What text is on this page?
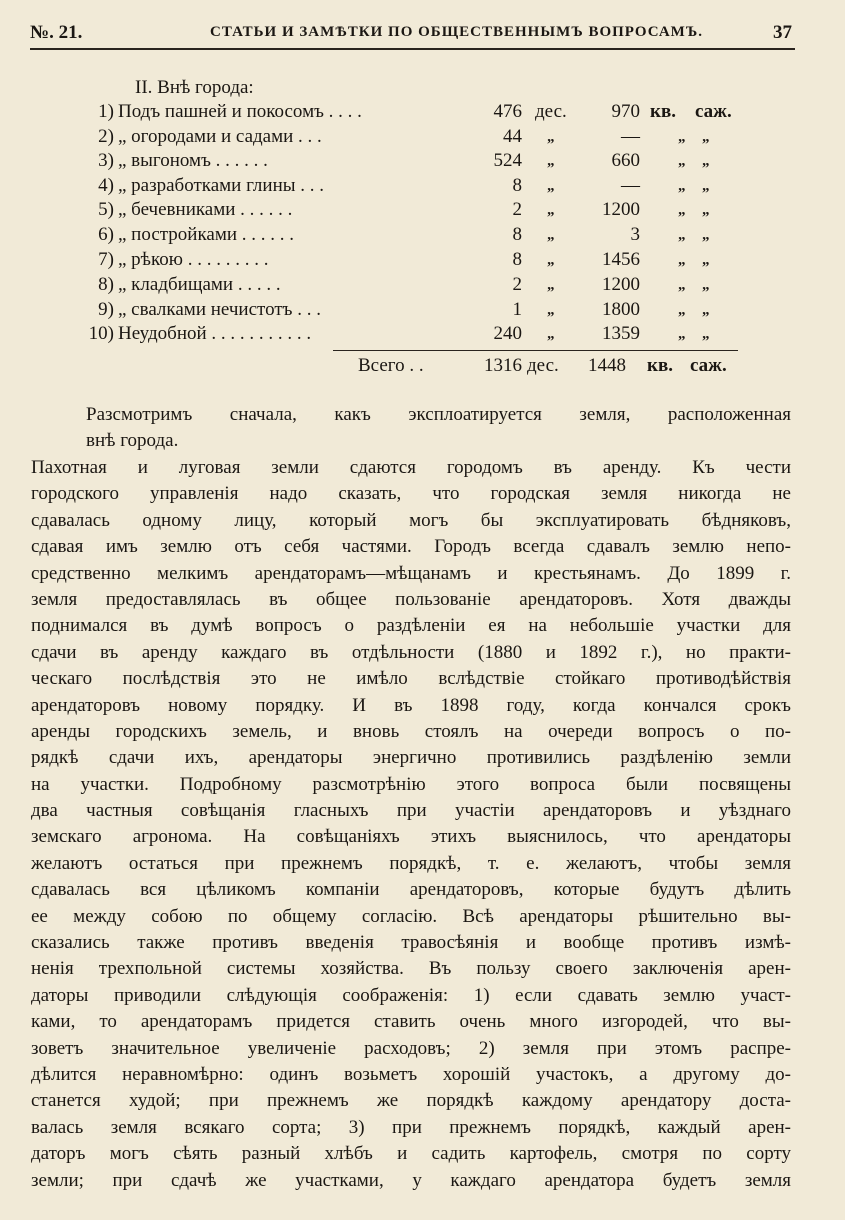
№. 21.	СТАТЬИ И ЗАМѢТКИ ПО ОБЩЕСТВЕННЫМЪ ВОПРОСАМЪ.	37
II. Внѣ города:
1) Подъ пашней и покосомъ . . . .	476 дес.	970 кв. саж.
2) „ огородами и садами . . .	44 „	—	„ „
3) „ выгономъ . . . . . .	524 „	660	„ „
4) „ разработками глины . . .	8 „	—	„ „
5) „ бечевниками . . . . . .	2 „	1200	„ „
6) „ постройками . . . . . .	8 „	3	„ „
7) „ рѣкою . . . . . . . . .	8 „	1456	„ „
8) „ кладбищами . . . . .	2 „	1200	„ „
9) „ свалками нечистотъ . . .	1 „	1800	„ „
10) Неудобной . . . . . . . . . . .	240 „	1359	„ „
Всего . .	1316 дес. 1448 кв. саж.
Разсмотримъ сначала, какъ эксплоатируется земля, расположенная
внѣ города.
Пахотная и луговая земли сдаются городомъ въ аренду. Къ чести
городского управленія надо сказать, что городская земля никогда не
сдавалась одному лицу, который могъ бы эксплуатировать бѣдняковъ,
сдавая имъ землю отъ себя частями. Городъ всегда сдавалъ землю непо-
средственно мелкимъ арендаторамъ—мѣщанамъ и крестьянамъ. До 1899 г.
земля предоставлялась въ общее пользованіе арендаторовъ. Хотя дважды
поднимался въ думѣ вопросъ о раздѣленіи ея на небольшіе участки для
сдачи въ аренду каждаго въ отдѣльности (1880 и 1892 г.), но практи-
ческаго послѣдствія это не имѣло вслѣдствіе стойкаго противодѣйствія
арендаторовъ новому порядку. И въ 1898 году, когда кончался срокъ
аренды городскихъ земель, и вновь стоялъ на очереди вопросъ о по-
рядкѣ сдачи ихъ, арендаторы энергично противились раздѣленію земли
на участки. Подробному разсмотрѣнію этого вопроса были посвящены
два частныя совѣщанія гласныхъ при участіи арендаторовъ и уѣзднаго
земскаго агронома. На совѣщаніяхъ этихъ выяснилось, что арендаторы
желаютъ остаться при прежнемъ порядкѣ, т. е. желаютъ, чтобы земля
сдавалась вся цѣликомъ компаніи арендаторовъ, которые будутъ дѣлить
ее между собою по общему согласію. Всѣ арендаторы рѣшительно вы-
сказались также противъ введенія травосѣянія и вообще противъ измѣ-
ненія трехпольной системы хозяйства. Въ пользу своего заключенія арен-
даторы приводили слѣдующія соображенія: 1) если сдавать землю участ-
ками, то арендаторамъ придется ставить очень много изгородей, что вы-
зоветъ значительное увеличеніе расходовъ; 2) земля при этомъ распре-
дѣлится неравномѣрно: одинъ возьметъ хорошій участокъ, а другому до-
станется худой; при прежнемъ же порядкѣ каждому арендатору доста-
валась земля всякаго сорта; 3) при прежнемъ порядкѣ, каждый арен-
даторъ могъ сѣять разный хлѣбъ и садить картофель, смотря по сорту
земли; при сдачѣ же участками, у каждаго арендатора будетъ земля
